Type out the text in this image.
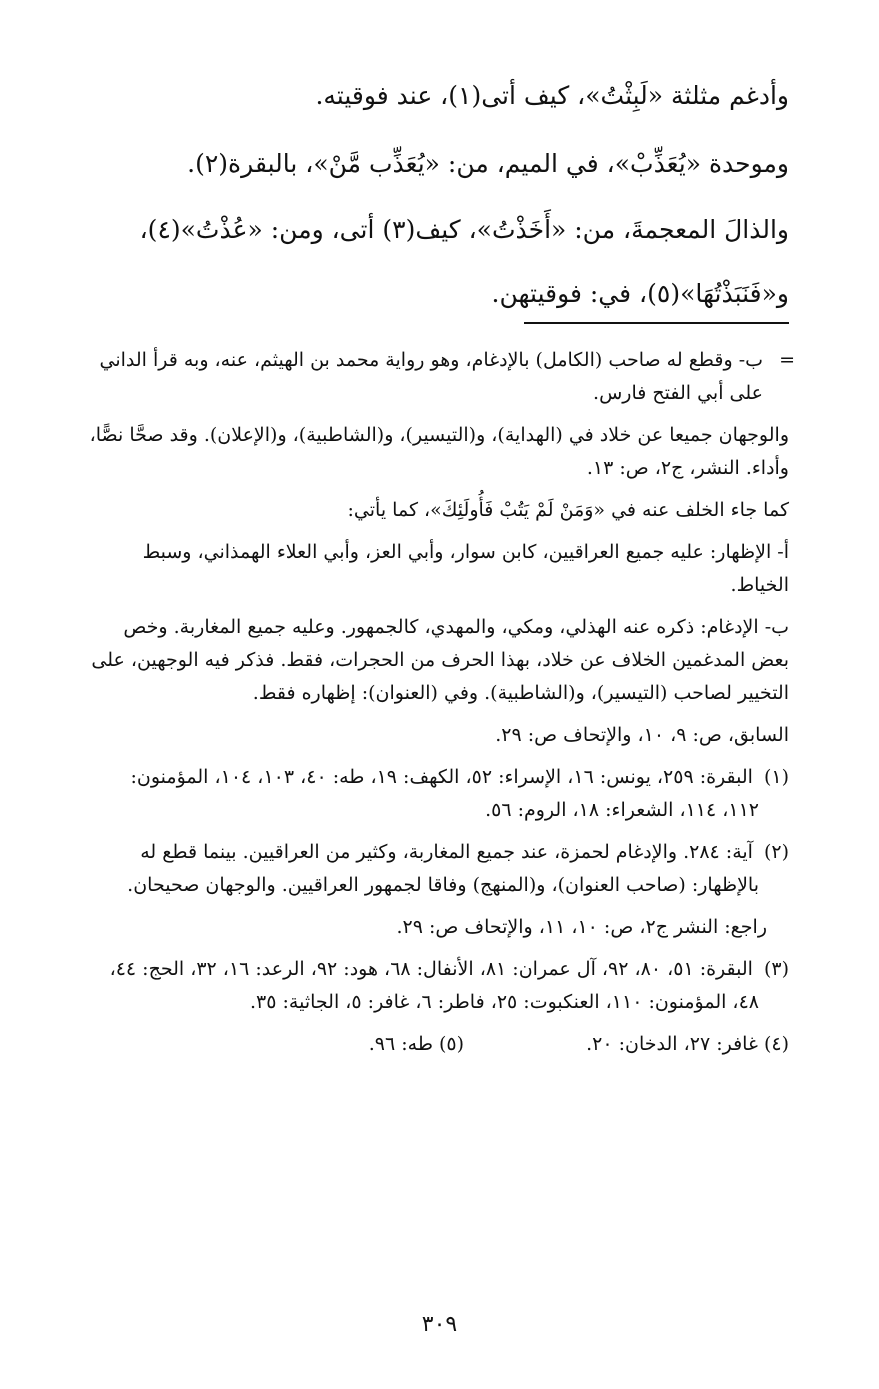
وأدغم مثلثة «لَبِثْتُ»، كيف أتى(١)، عند فوقيته.

وموحدة «يُعَذِّبْ»، في الميم، من: «يُعَذِّب مَّنْ»، بالبقرة(٢).

والذالَ المعجمةَ، من: «أَخَذْتُ»، كيف(٣) أتى، ومن: «عُذْتُ»(٤)، و«فَنَبَذْتُهَا»(٥)، في: فوقيتهن.

=
ب- وقطع له صاحب (الكامل) بالإدغام، وهو رواية محمد بن الهيثم، عنه، وبه قرأ الداني على أبي الفتح فارس.

والوجهان جميعا عن خلاد في (الهداية)، و(التيسير)، و(الشاطبية)، و(الإعلان). وقد صحَّا نصًّا، وأداء. النشر، ج٢، ص: ١٣.

كما جاء الخلف عنه في «وَمَنْ لَمْ يَتُبْ فَأُولَئِكَ»، كما يأتي:

أ- الإظهار: عليه جميع العراقيين، كابن سوار، وأبي العز، وأبي العلاء الهمذاني، وسبط الخياط.

ب- الإدغام: ذكره عنه الهذلي، ومكي، والمهدي، كالجمهور. وعليه جميع المغاربة. وخص بعض المدغمين الخلاف عن خلاد، بهذا الحرف من الحجرات، فقط. فذكر فيه الوجهين، على التخيير لصاحب (التيسير)، و(الشاطبية). وفي (العنوان): إظهاره فقط.

السابق، ص: ٩، ١٠، والإتحاف ص: ٢٩.

(١) البقرة: ٢٥٩، يونس: ١٦، الإسراء: ٥٢، الكهف: ١٩، طه: ٤٠، ١٠٣، ١٠٤، المؤمنون: ١١٢، ١١٤، الشعراء: ١٨، الروم: ٥٦.

(٢) آية: ٢٨٤. والإدغام لحمزة، عند جميع المغاربة، وكثير من العراقيين. بينما قطع له بالإظهار: (صاحب العنوان)، و(المنهج) وفاقا لجمهور العراقيين. والوجهان صحيحان.

راجع: النشر ج٢، ص: ١٠، ١١، والإتحاف ص: ٢٩.

(٣) البقرة: ٥١، ٨٠، ٩٢، آل عمران: ٨١، الأنفال: ٦٨، هود: ٩٢، الرعد: ١٦، ٣٢، الحج: ٤٤، ٤٨، المؤمنون: ١١٠، العنكبوت: ٢٥، فاطر: ٦، غافر: ٥، الجاثية: ٣٥.

(٤) غافر: ٢٧، الدخان: ٢٠.  (٥) طه: ٩٦.

٣٠٩
